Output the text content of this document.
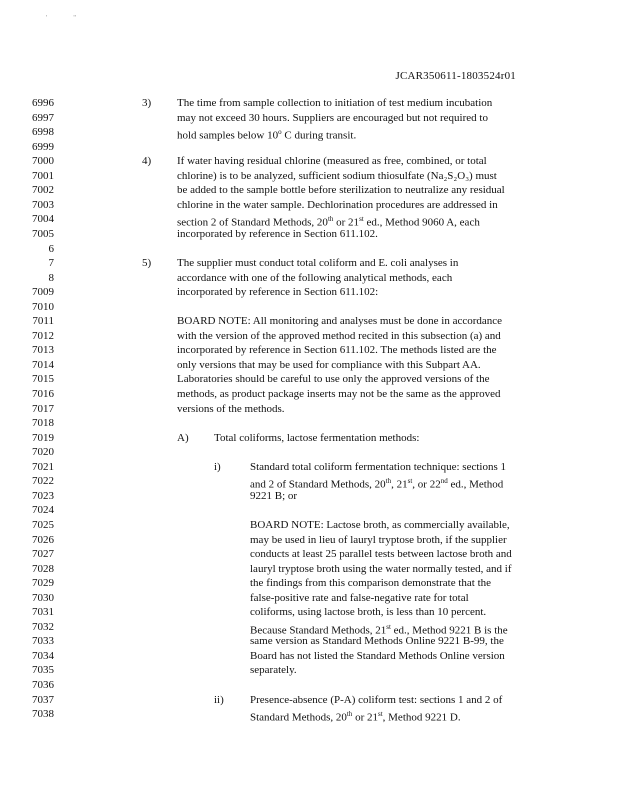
'"
JCAR350611-1803524r01
6996
6997
6998
6999
7000
7001
7002
7003
7004
7005
6
7
8
7009
7010
7011
7012
7013
7014
7015
7016
7017
7018
7019
7020
7021
7022
7023
7024
7025
7026
7027
7028
7029
7030
7031
7032
7033
7034
7035
7036
7037
7038
3) The time from sample collection to initiation of test medium incubation
may not exceed 30 hours. Suppliers are encouraged but not required to
hold samples below 10$^o$ C during transit.
4) If water having residual chlorine (measured as free, combined, or total
chlorine) is to be analyzed, sufficient sodium thiosulfate (Na₂S₂O₃) must
be added to the sample bottle before sterilization to neutralize any residual
chlorine in the water sample. Dechlorination procedures are addressed in
section 2 of Standard Methods, 20th or 21st ed., Method 9060 A, each
incorporated by reference in Section 611.102.
5) The supplier must conduct total coliform and E. coli analyses in
accordance with one of the following analytical methods, each
incorporated by reference in Section 611.102:
BOARD NOTE: All monitoring and analyses must be done in accordance
with the version of the approved method recited in this subsection (a) and
incorporated by reference in Section 611.102. The methods listed are the
only versions that may be used for compliance with this Subpart AA.
Laboratories should be careful to use only the approved versions of the
methods, as product package inserts may not be the same as the approved
versions of the methods.
A) Total coliforms, lactose fermentation methods:
i)	Standard total coliform fermentation technique: sections 1
and 2 of Standard Methods, 20th, 21st, or 22nd ed., Method
9221 B; or
BOARD NOTE: Lactose broth, as commercially available,
may be used in lieu of lauryl tryptose broth, if the supplier
conducts at least 25 parallel tests between lactose broth and
lauryl tryptose broth using the water normally tested, and if
the findings from this comparison demonstrate that the
false-positive rate and false-negative rate for total
coliforms, using lactose broth, is less than 10 percent.
Because Standard Methods, 21st ed., Method 9221 B is the
same version as Standard Methods Online 9221 B-99, the
Board has not listed the Standard Methods Online version
separately.
ii) Presence-absence (P-A) coliform test: sections 1 and 2 of
Standard Methods, 20th or 21st, Method 9221 D.
